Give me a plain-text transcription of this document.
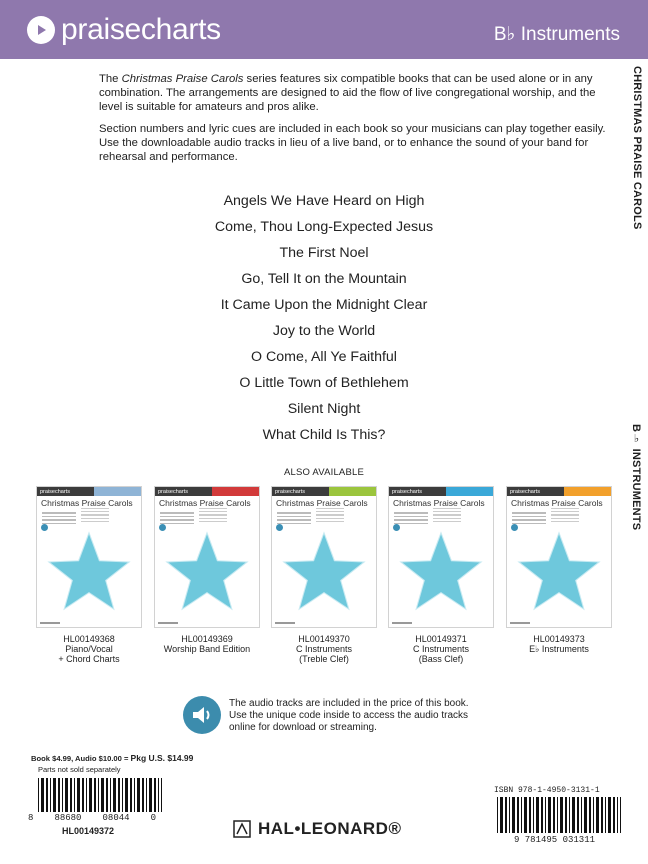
praisecharts	B♭ Instruments
CHRISTMAS PRAISE CAROLS
B♭ INSTRUMENTS

The Christmas Praise Carols series features six compatible books that can be used alone or in any combination. The arrangements are designed to aid the flow of live congregational worship, and the level is suitable for amateurs and pros alike.

Section numbers and lyric cues are included in each book so your musicians can play together easily. Use the downloadable audio tracks in lieu of a live band, or to enhance the sound of your band for rehearsal and performance.

Angels We Have Heard on High
Come, Thou Long-Expected Jesus
The First Noel
Go, Tell It on the Mountain
It Came Upon the Midnight Clear
Joy to the World
O Come, All Ye Faithful
O Little Town of Bethlehem
Silent Night
What Child Is This?
ALSO AVAILABLE
praisecharts
Christmas Praise Carols
HL00149368
Piano/Vocal
+ Chord Charts
praisecharts
Christmas Praise Carols
HL00149369
Worship Band Edition
praisecharts
Christmas Praise Carols
HL00149370
C Instruments
(Treble Clef)
praisecharts
Christmas Praise Carols
HL00149371
C Instruments
(Bass Clef)
praisecharts
Christmas Praise Carols
HL00149373
E♭ Instruments
The audio tracks are included in the price of this book. Use the unique code inside to access the audio tracks online for download or streaming.
Book $4.99, Audio $10.00 = Pkg U.S. $14.99
Parts not sold separately
8 88680 08044 0
HL00149372
ISBN 978-1-4950-3131-1
9 781495 031311
HAL•LEONARD®
